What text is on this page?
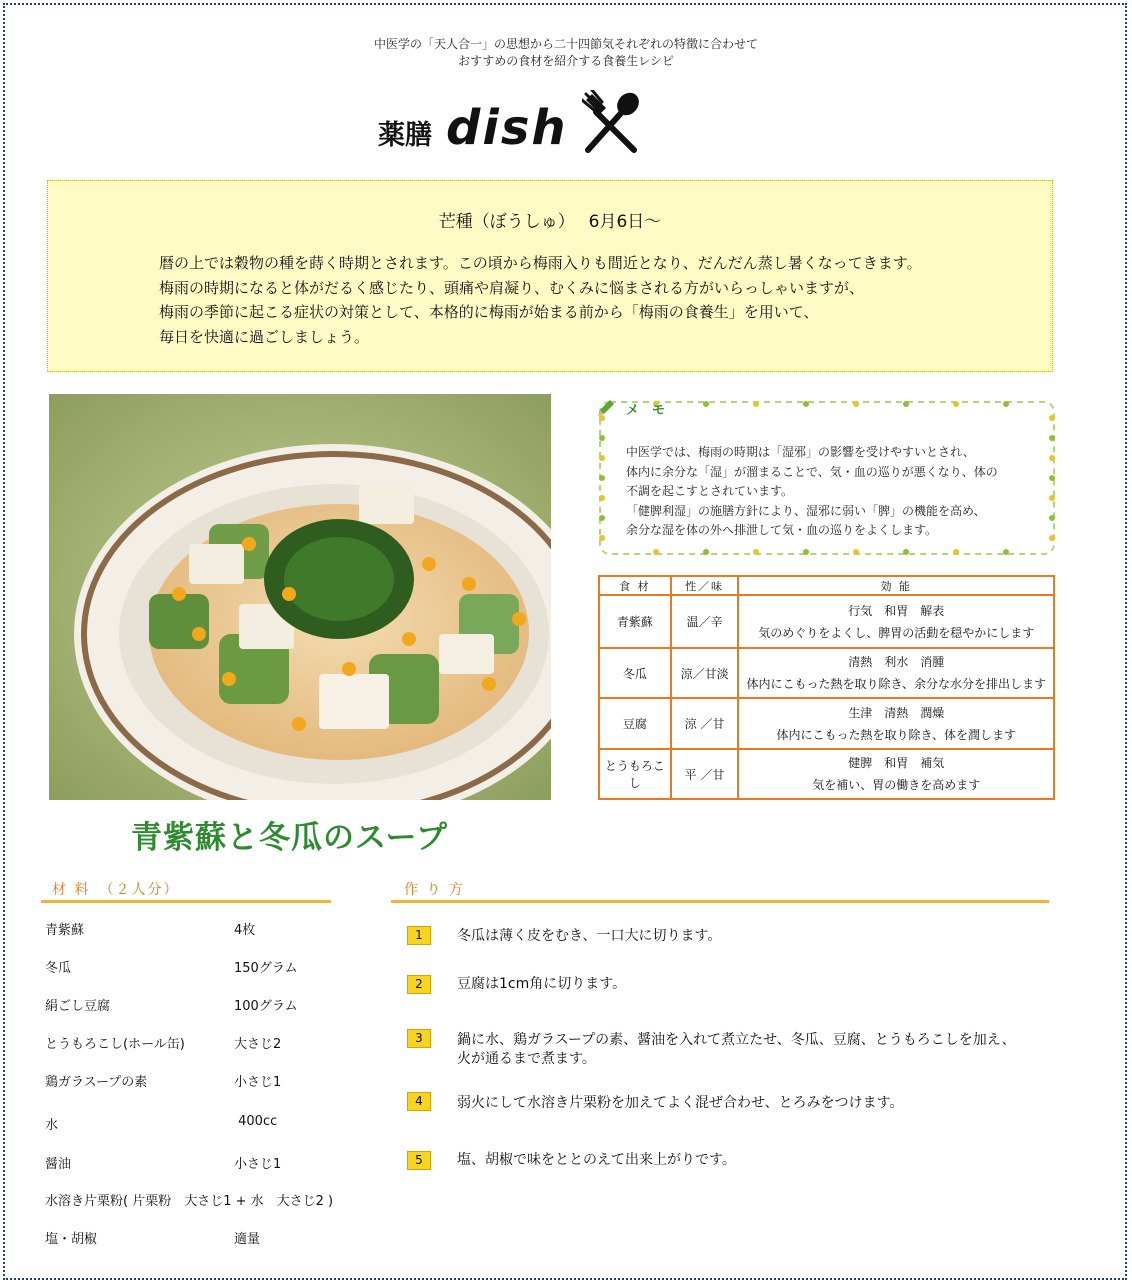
中医学の「天人合一」の思想から二十四節気それぞれの特徴に合わせて
おすすめの食材を紹介する食養生レシピ
薬膳 dish
芒種（ぼうしゅ）　 6月6日～
暦の上では穀物の種を蒔く時期とされます。この頃から梅雨入りも間近となり、だんだん蒸し暑くなってきます。
梅雨の時期になると体がだるく感じたり、頭痛や肩凝り、むくみに悩まされる方がいらっしゃいますが、
梅雨の季節に起こる症状の対策として、本格的に梅雨が始まる前から「梅雨の食養生」を用いて、
毎日を快適に過ごしましょう。
メ　モ
中医学では、梅雨の時期は「湿邪」の影響を受けやすいとされ、
体内に余分な「湿」が溜まることで、気・血の巡りが悪くなり、体の
不調を起こすとされています。
「健脾利湿」の施膳方針により、湿邪に弱い「脾」の機能を高め、
余分な湿を体の外へ排泄して気・血の巡りをよくします。
食 材	性／味	効 能
青紫蘇	温／辛	行気　和胃　解表
気のめぐりをよくし、脾胃の活動を穏やかにします

冬瓜	涼／甘淡	清熱　利水　消腫
体内にこもった熱を取り除き、余分な水分を排出します

豆腐	涼 ／甘	生津　清熱　潤燥
体内にこもった熱を取り除き、体を潤します

とうもろこし	平 ／甘	健脾　和胃　補気
気を補い、胃の働きを高めます
青紫蘇と冬瓜のスープ
材 料　（２人分）	作 り 方
青紫蘇	4枚
冬瓜	150グラム
絹ごし豆腐	100グラム
とうもろこし(ホール缶)	大さじ2
鶏ガラスープの素	小さじ1
水	400cc
醤油	小さじ1
水溶き片栗粉( 片栗粉　大さじ1 + 水　大さじ2 )
塩・胡椒	適量
1	冬瓜は薄く皮をむき、一口大に切ります。
2	豆腐は1cm角に切ります。
3	鍋に水、鶏ガラスープの素、醤油を入れて煮立たせ、冬瓜、豆腐、とうもろこしを加え、
火が通るまで煮ます。
4	弱火にして水溶き片栗粉を加えてよく混ぜ合わせ、とろみをつけます。
5	塩、胡椒で味をととのえて出来上がりです。
